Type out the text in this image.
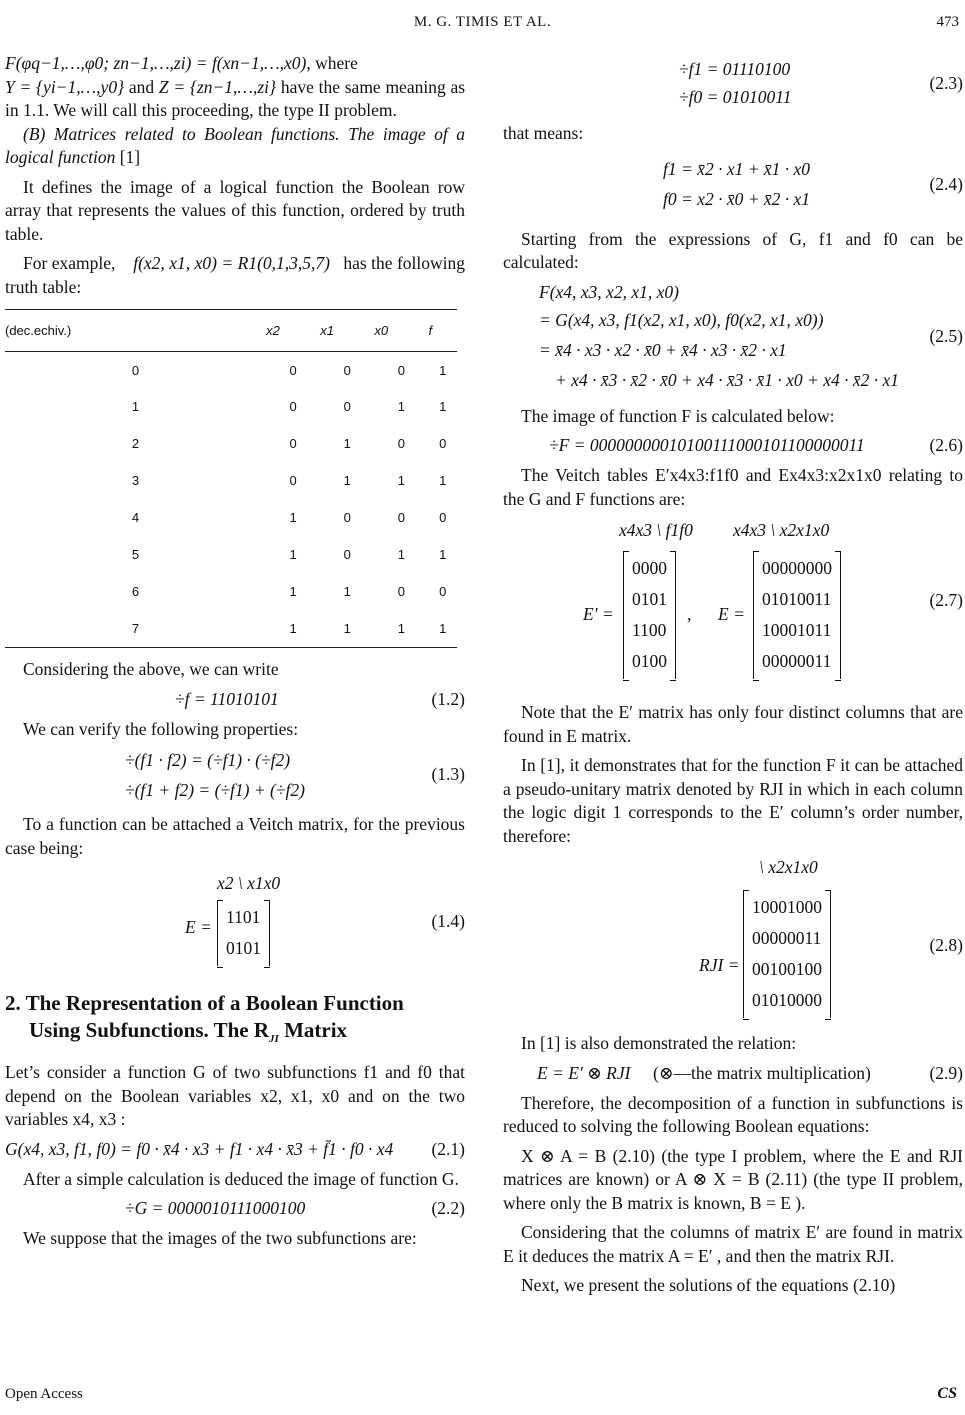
M. G. TIMIS ET AL.	473

F(φq−1,…,φ0; zn−1,…,zi) = f(xn−1,…,x0), where
Y = {yi−1,…,y0} and Z = {zn−1,…,zi} have the same meaning as in 1.1. We will call this proceeding, the type II problem.

(B) Matrices related to Boolean functions. The image of a logical function [1]

It defines the image of a logical function the Boolean row array that represents the values of this function, ordered by truth table.

For example, f(x2, x1, x0) = R1(0,1,3,5,7) has the following truth table:

(dec.echiv.)	x2	x1	x0	f
0	0	0	0	1
1	0	0	1	1
2	0	1	0	0
3	0	1	1	1
4	1	0	0	0
5	1	0	1	1
6	1	1	0	0
7	1	1	1	1

Considering the above, we can write

÷f = 11010101	(1.2)

We can verify the following properties:

÷(f1 · f2) = (÷f1) · (÷f2)
÷(f1 + f2) = (÷f1) + (÷f2)
(1.3)

To a function can be attached a Veitch matrix, for the previous case being:

x2 \ x1x0
E = 1101
0101
(1.4)
2. The Representation of a Boolean Function
Using Subfunctions. The $R_{JI}$ Matrix

Let’s consider a function G of two subfunctions f1 and f0 that depend on the Boolean variables x2, x1, x0 and on the two variables x4, x3 :

G(x4, x3, f1, f0) = f0 · x̄4 · x3 + f1 · x4 · x̄3 + f̄1 · f0 · x4 (2.1)

After a simple calculation is deduced the image of function G.

÷G = 0000010111000100	(2.2)

We suppose that the images of the two subfunctions are:

÷f1 = 01110100
÷f0 = 01010011
(2.3)

that means:

f1 = x̄2 · x1 + x̄1 · x0
f0 = x2 · x̄0 + x̄2 · x1
(2.4)

Starting from the expressions of G, f1 and f0 can be calculated:

F(x4, x3, x2, x1, x0)
= G(x4, x3, f1(x2, x1, x0), f0(x2, x1, x0))
= x̄4 · x3 · x2 · x̄0 + x̄4 · x3 · x̄2 · x1
+ x4 · x̄3 · x̄2 · x̄0 + x4 · x̄3 · x̄1 · x0 + x4 · x̄2 · x1
(2.5)

The image of function F is calculated below:

÷F = 00000000010100111000101100000011	(2.6)

The Veitch tables E′x4x3:f1f0 and Ex4x3:x2x1x0 relating to the G and F functions are:

x4x3 \ f1f0 x4x3 \ x2x1x0
E′ =
0000
0101
1100
0100
, E =
00000000
01010011
10001011
00000011
(2.7)

Note that the E′ matrix has only four distinct columns that are found in E matrix.

In [1], it demonstrates that for the function F it can be attached a pseudo-unitary matrix denoted by RJI in which in each column the logic digit 1 corresponds to the E′ column’s order number, therefore:

\ x2x1x0
RJI =
10001000
00000011
00100100
01010000
(2.8)

In [1] is also demonstrated the relation:

E = E′ ⊗ RJI (⊗—the matrix multiplication)	(2.9)

Therefore, the decomposition of a function in subfunctions is reduced to solving the following Boolean equations:

X ⊗ A = B (2.10) (the type I problem, where the E and RJI matrices are known) or A ⊗ X = B (2.11) (the type II problem, where only the B matrix is known, B = E ).

Considering that the columns of matrix E′ are found in matrix E it deduces the matrix A = E′ , and then the matrix RJI.

Next, we present the solutions of the equations (2.10)

Open Access	CS
